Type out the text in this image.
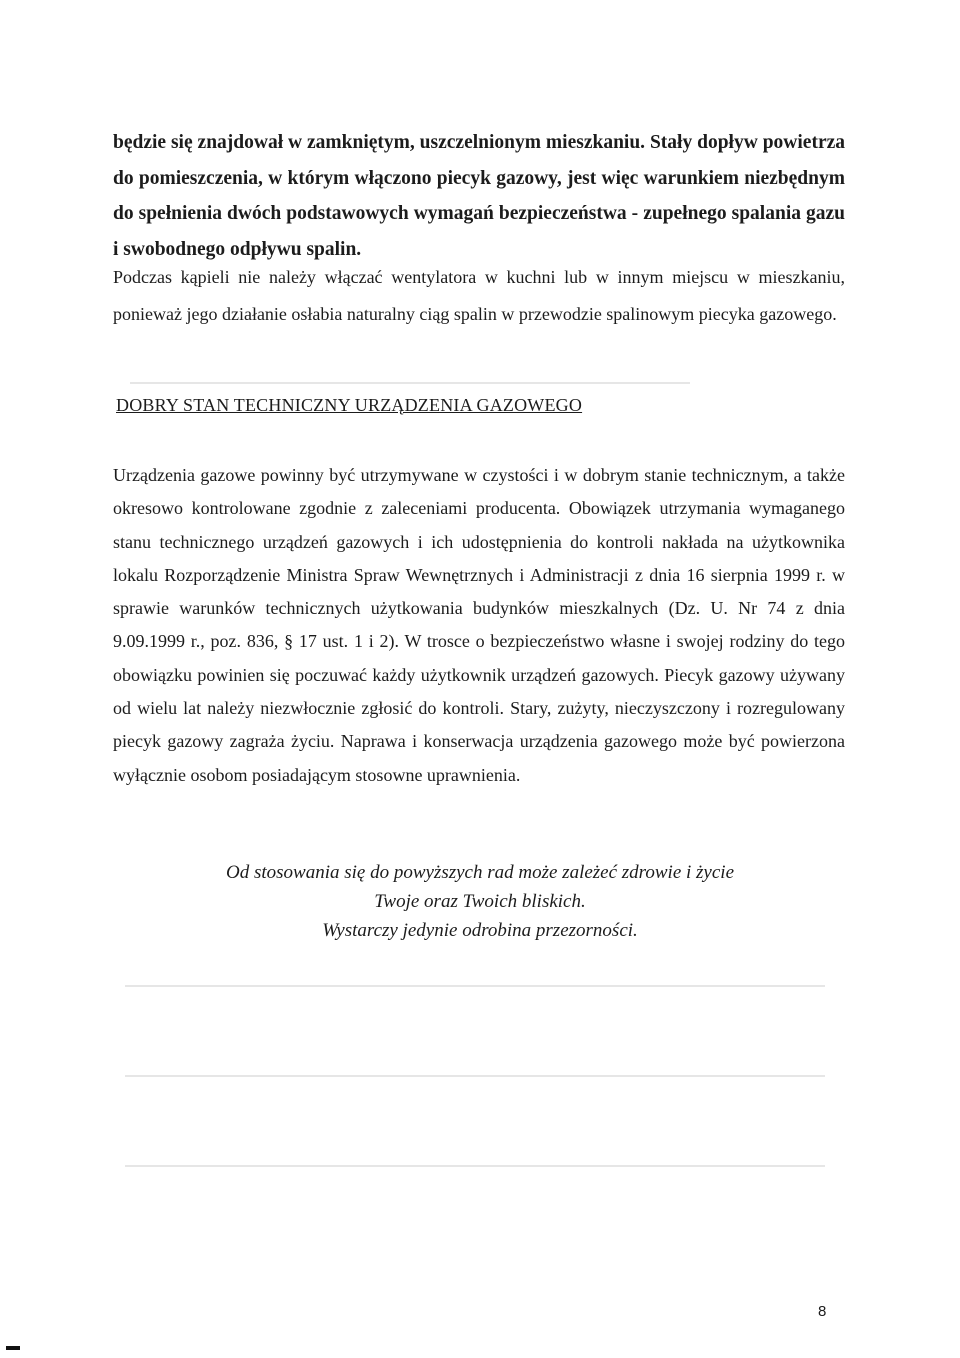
będzie się znajdował w zamkniętym, uszczelnionym mieszkaniu. Stały dopływ powietrza do pomieszczenia, w którym włączono piecyk gazowy, jest więc warunkiem niezbędnym do spełnienia dwóch podstawowych wymagań bezpieczeństwa - zupełnego spalania gazu i swobodnego odpływu spalin.

Podczas kąpieli nie należy włączać wentylatora w kuchni lub w innym miejscu w mieszkaniu, ponieważ jego działanie osłabia naturalny ciąg spalin w przewodzie spalinowym piecyka gazowego.

DOBRY STAN TECHNICZNY URZĄDZENIA GAZOWEGO

Urządzenia gazowe powinny być utrzymywane w czystości i w dobrym stanie technicznym, a także okresowo kontrolowane zgodnie z zaleceniami producenta. Obowiązek utrzymania wymaganego stanu technicznego urządzeń gazowych i ich udostępnienia do kontroli nakłada na użytkownika lokalu Rozporządzenie Ministra Spraw Wewnętrznych i Administracji z dnia 16 sierpnia 1999 r. w sprawie warunków technicznych użytkowania budynków mieszkalnych (Dz. U. Nr 74 z dnia 9.09.1999 r., poz. 836, § 17 ust. 1 i 2). W trosce o bezpieczeństwo własne i swojej rodziny do tego obowiązku powinien się poczuwać każdy użytkownik urządzeń gazowych. Piecyk gazowy używany od wielu lat należy niezwłocznie zgłosić do kontroli. Stary, zużyty, nieczyszczony i rozregulowany piecyk gazowy zagraża życiu. Naprawa i konserwacja urządzenia gazowego może być powierzona wyłącznie osobom posiadającym stosowne uprawnienia.

Od stosowania się do powyższych rad może zależeć zdrowie i życie
Twoje oraz Twoich bliskich.
Wystarczy jedynie odrobina przezorności.
8
